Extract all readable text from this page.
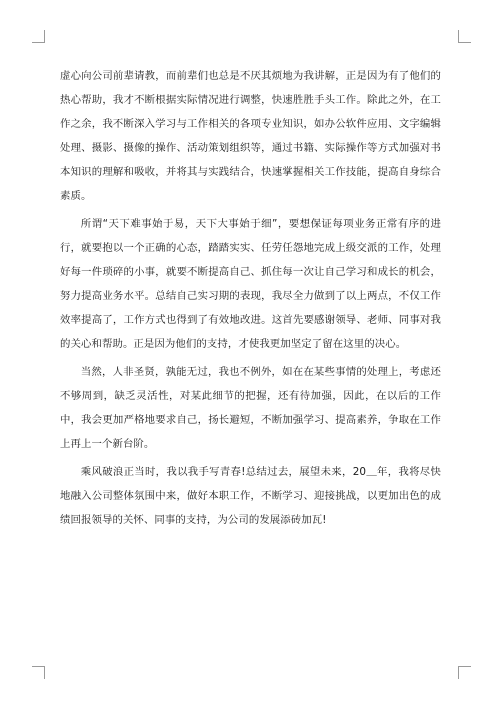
虚心向公司前辈请教，而前辈们也总是不厌其烦地为我讲解，正是因为有了他们的热心帮助，我才不断根据实际情况进行调整，快速胜胜手头工作。除此之外，在工作之余，我不断深入学习与工作相关的各项专业知识，如办公软件应用、文字编辑处理、摄影、摄像的操作、活动策划组织等，通过书籍、实际操作等方式加强对书本知识的理解和吸收，并将其与实践结合，快速掌握相关工作技能，提高自身综合素质。

所谓“天下难事始于易，天下大事始于细”，要想保证每项业务正常有序的进行，就要抱以一个正确的心态，踏踏实实、任劳任怨地完成上级交派的工作，处理好每一件琐碎的小事，就要不断提高自己、抓住每一次让自己学习和成长的机会，努力提高业务水平。总结自己实习期的表现，我尽全力做到了以上两点，不仅工作效率提高了，工作方式也得到了有效地改进。这首先要感谢领导、老师、同事对我的关心和帮助。正是因为他们的支持，才使我更加坚定了留在这里的决心。

当然，人非圣贤，孰能无过，我也不例外，如在在某些事情的处理上，考虑还不够周到，缺乏灵活性，对某此细节的把握，还有待加强，因此，在以后的工作中，我会更加严格地要求自己，扬长避短，不断加强学习、提高素养，争取在工作上再上一个新台阶。

乘风破浪正当时，我以我手写青春!总结过去，展望未来，20＿年，我将尽快地融入公司整体氛围中来，做好本职工作，不断学习、迎接挑战，以更加出色的成绩回报领导的关怀、同事的支持，为公司的发展添砖加瓦!
